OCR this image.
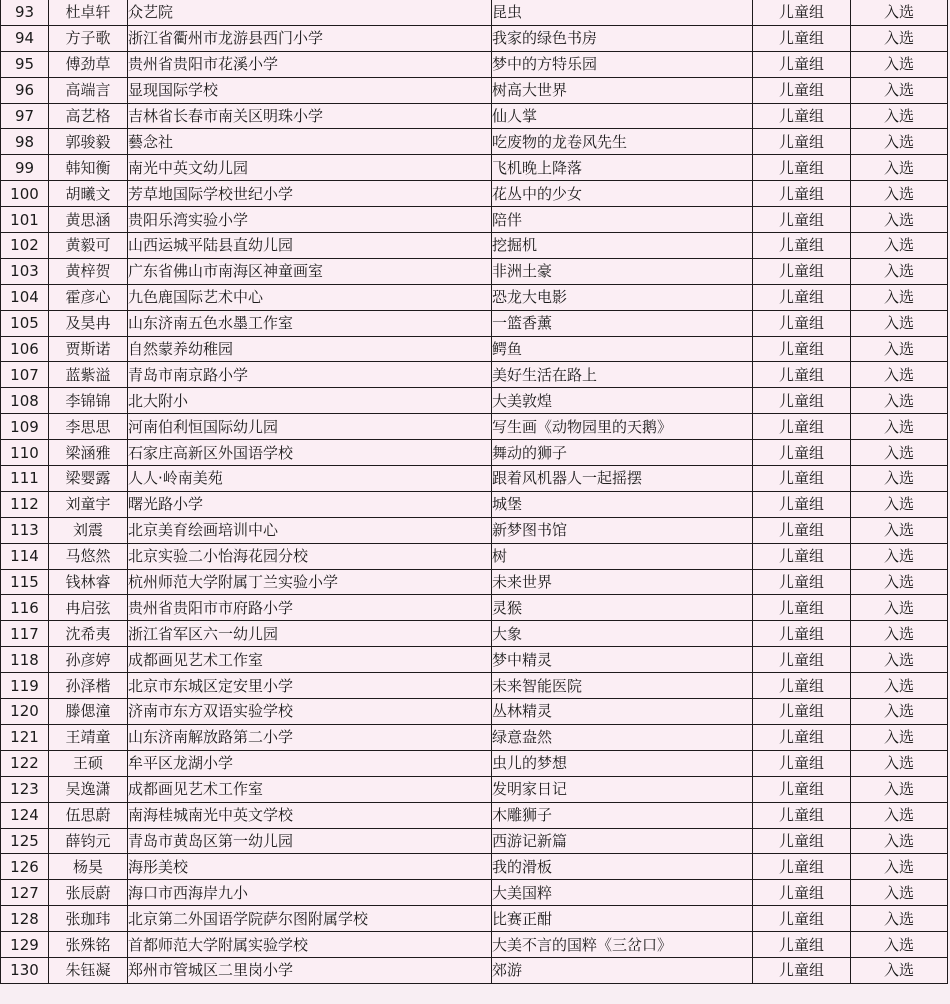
93	杜卓轩	众艺院	昆虫	儿童组	入选
94	方子歌	浙江省衢州市龙游县西门小学	我家的绿色书房	儿童组	入选
95	傅劲草	贵州省贵阳市花溪小学	梦中的方特乐园	儿童组	入选
96	高端言	显现国际学校	树高大世界	儿童组	入选
97	高艺格	吉林省长春市南关区明珠小学	仙人掌	儿童组	入选
98	郭骏毅	藝念社	吃废物的龙卷风先生	儿童组	入选
99	韩知衡	南光中英文幼儿园	飞机晚上降落	儿童组	入选
100	胡曦文	芳草地国际学校世纪小学	花丛中的少女	儿童组	入选
101	黄思涵	贵阳乐湾实验小学	陪伴	儿童组	入选
102	黄毅可	山西运城平陆县直幼儿园	挖掘机	儿童组	入选
103	黄梓贺	广东省佛山市南海区神童画室	非洲土豪	儿童组	入选
104	霍彦心	九色鹿国际艺术中心	恐龙大电影	儿童组	入选
105	及昊冉	山东济南五色水墨工作室	一篮香薰	儿童组	入选
106	贾斯诺	自然蒙养幼稚园	鳄鱼	儿童组	入选
107	蓝紫溢	青岛市南京路小学	美好生活在路上	儿童组	入选
108	李锦锦	北大附小	大美敦煌	儿童组	入选
109	李思思	河南伯利恒国际幼儿园	写生画《动物园里的天鹅》	儿童组	入选
110	梁涵雅	石家庄高新区外国语学校	舞动的狮子	儿童组	入选
111	梁婴露	人人·岭南美苑	跟着风机器人一起摇摆	儿童组	入选
112	刘童宇	曙光路小学	城堡	儿童组	入选
113	刘震	北京美育绘画培训中心	新梦图书馆	儿童组	入选
114	马悠然	北京实验二小怡海花园分校	树	儿童组	入选
115	钱林睿	杭州师范大学附属丁兰实验小学	未来世界	儿童组	入选
116	冉启弦	贵州省贵阳市市府路小学	灵猴	儿童组	入选
117	沈希夷	浙江省军区六一幼儿园	大象	儿童组	入选
118	孙彦婷	成都画见艺术工作室	梦中精灵	儿童组	入选
119	孙泽楷	北京市东城区定安里小学	未来智能医院	儿童组	入选
120	滕偲潼	济南市东方双语实验学校	丛林精灵	儿童组	入选
121	王靖童	山东济南解放路第二小学	绿意盎然	儿童组	入选
122	王硕	牟平区龙湖小学	虫儿的梦想	儿童组	入选
123	吴逸潇	成都画见艺术工作室	发明家日记	儿童组	入选
124	伍思蔚	南海桂城南光中英文学校	木雕狮子	儿童组	入选
125	薛钧元	青岛市黄岛区第一幼儿园	西游记新篇	儿童组	入选
126	杨昊	海彤美校	我的滑板	儿童组	入选
127	张辰蔚	海口市西海岸九小	大美国粹	儿童组	入选
128	张珈玮	北京第二外国语学院萨尔图附属学校	比赛正酣	儿童组	入选
129	张殊铭	首都师范大学附属实验学校	大美不言的国粹《三岔口》	儿童组	入选
130	朱钰凝	郑州市管城区二里岗小学	郊游	儿童组	入选
